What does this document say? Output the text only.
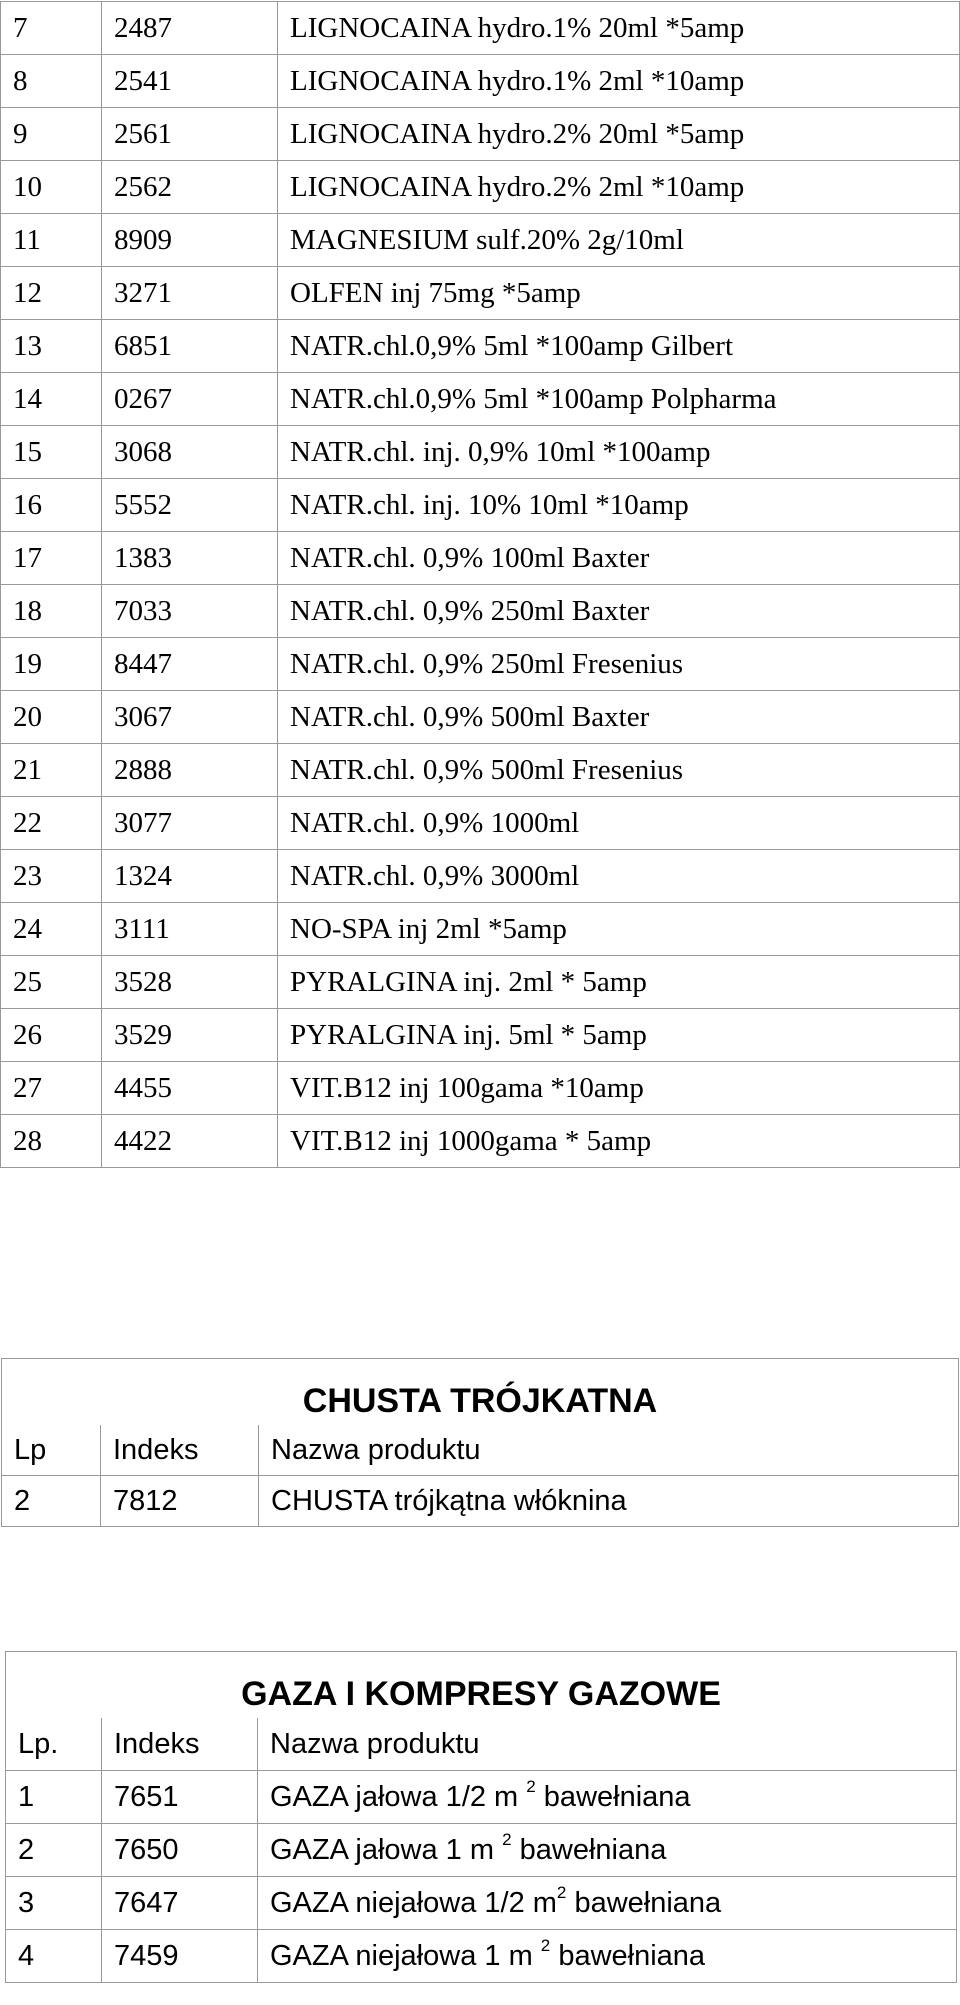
7	2487	LIGNOCAINA hydro.1% 20ml *5amp
8	2541	LIGNOCAINA hydro.1% 2ml *10amp
9	2561	LIGNOCAINA hydro.2% 20ml *5amp
10	2562	LIGNOCAINA hydro.2% 2ml *10amp
11	8909	MAGNESIUM sulf.20% 2g/10ml
12	3271	OLFEN inj 75mg *5amp
13	6851	NATR.chl.0,9% 5ml *100amp Gilbert
14	0267	NATR.chl.0,9% 5ml *100amp Polpharma
15	3068	NATR.chl. inj. 0,9% 10ml *100amp
16	5552	NATR.chl. inj. 10% 10ml *10amp
17	1383	NATR.chl. 0,9% 100ml Baxter
18	7033	NATR.chl. 0,9% 250ml Baxter
19	8447	NATR.chl. 0,9% 250ml Fresenius
20	3067	NATR.chl. 0,9% 500ml Baxter
21	2888	NATR.chl. 0,9% 500ml Fresenius
22	3077	NATR.chl. 0,9% 1000ml
23	1324	NATR.chl. 0,9% 3000ml
24	3111	NO-SPA inj 2ml *5amp
25	3528	PYRALGINA inj. 2ml * 5amp
26	3529	PYRALGINA inj. 5ml * 5amp
27	4455	VIT.B12 inj 100gama *10amp
28	4422	VIT.B12 inj 1000gama * 5amp
CHUSTA TRÓJKATNA		
Lp	Indeks	Nazwa produktu
2	7812	CHUSTA trójkątna włóknina
GAZA I KOMPRESY GAZOWE		
Lp.	Indeks	Nazwa produktu
1	7651	GAZA jałowa 1/2 m $^2$ bawełniana
2	7650	GAZA jałowa 1 m $^2$ bawełniana
3	7647	GAZA niejałowa 1/2 $m^2$ bawełniana
4	7459	GAZA niejałowa 1 m $^2$ bawełniana
